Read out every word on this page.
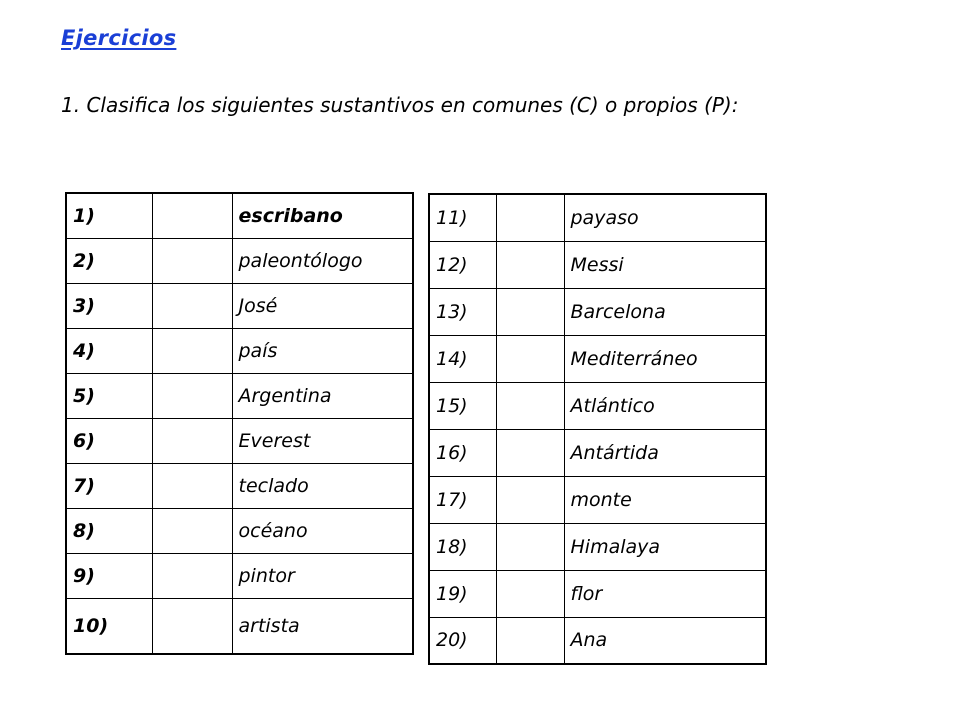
Ejercicios
1. Clasifica los siguientes sustantivos en comunes (C) o propios (P):
1)		escribano
2)		paleontólogo
3)		José
4)		país
5)		Argentina
6)		Everest
7)		teclado
8)		océano
9)		pintor
10)		artista
11)		payaso
12)		Messi
13)		Barcelona
14)		Mediterráneo
15)		Atlántico
16)		Antártida
17)		monte
18)		Himalaya
19)		flor
20)		Ana
